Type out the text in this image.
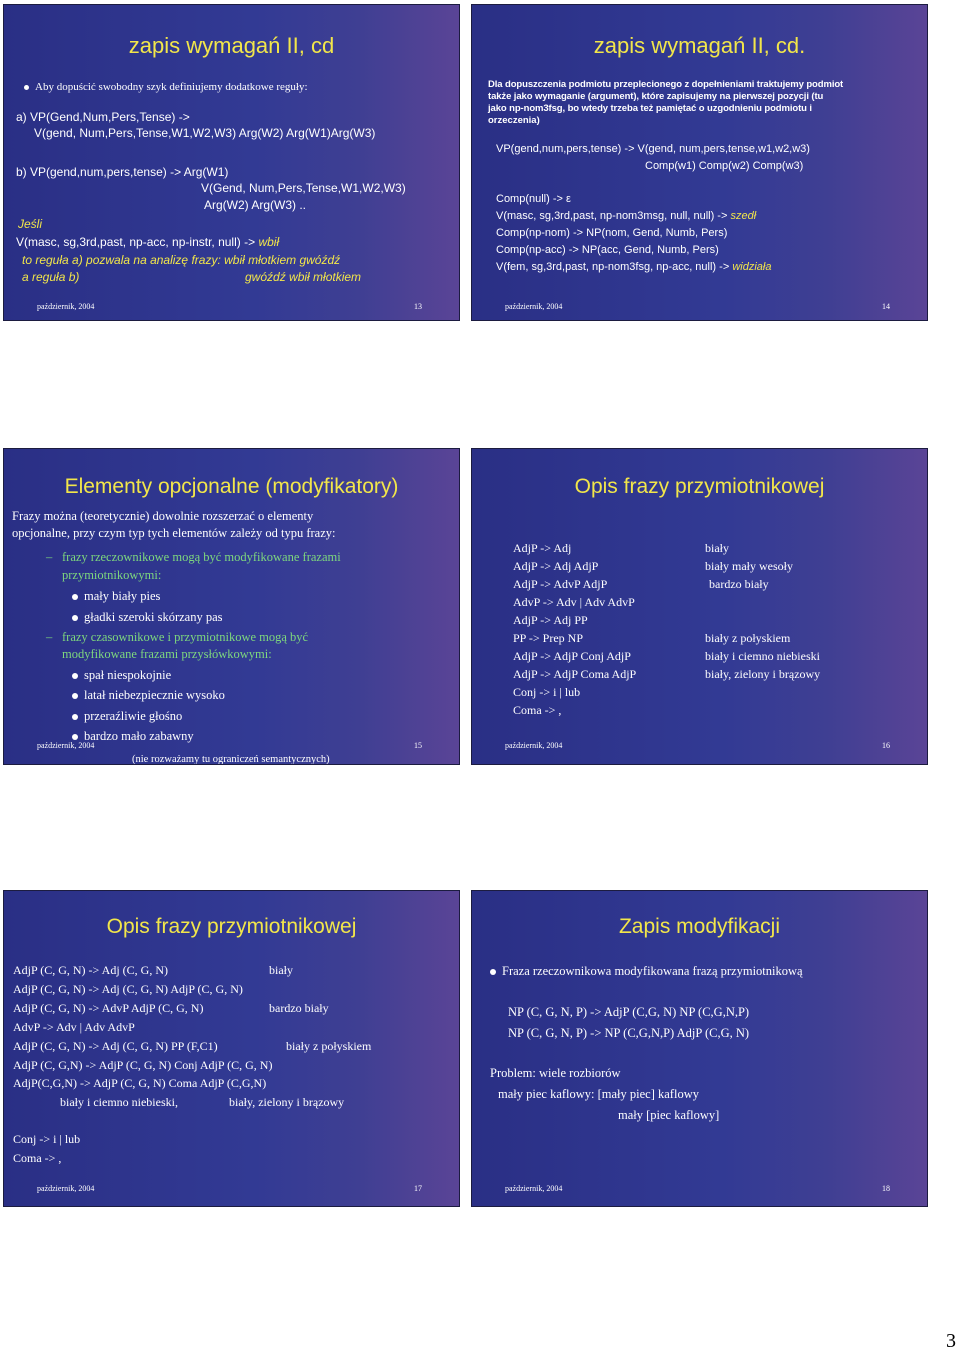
zapis wymagań II, cd
Aby dopuścić swobodny szyk definiujemy dodatkowe reguły:
a) VP(Gend,Num,Pers,Tense) ->
V(gend, Num,Pers,Tense,W1,W2,W3) Arg(W2) Arg(W1)Arg(W3)
b) VP(gend,num,pers,tense) -> Arg(W1)
V(Gend, Num,Pers,Tense,W1,W2,W3)
Arg(W2) Arg(W3) ..
Jeśli
V(masc, sg,3rd,past, np-acc, np-instr, null) -> wbił
to reguła a) pozwala na analizę frazy: wbił młotkiem gwóźdź
a reguła b)	gwóźdź wbił młotkiem
październik, 2004	13
zapis wymagań II, cd.
Dla dopuszczenia podmiotu przeplecionego z dopełnieniami traktujemy podmiot
także jako wymaganie (argument), które zapisujemy na pierwszej pozycji (tu
jako np-nom3fsg, bo wtedy trzeba też pamiętać o uzgodnieniu podmiotu i
orzeczenia)
VP(gend,num,pers,tense) -> V(gend, num,pers,tense,w1,w2,w3)
Comp(w1) Comp(w2) Comp(w3)
Comp(null) -> ε
V(masc, sg,3rd,past, np-nom3msg, null, null) -> szedł
Comp(np-nom) -> NP(nom, Gend, Numb, Pers)
Comp(np-acc) -> NP(acc, Gend, Numb, Pers)
V(fem, sg,3rd,past, np-nom3fsg, np-acc, null) -> widziała
październik, 2004	14
Elementy opcjonalne (modyfikatory)
Frazy można (teoretycznie) dowolnie rozszerzać o elementy
opcjonalne, przy czym typ tych elementów zależy od typu frazy:
– frazy rzeczownikowe mogą być modyfikowane frazami
przymiotnikowymi:
mały biały pies
gładki szeroki skórzany pas
– frazy czasownikowe i przymiotnikowe mogą być
modyfikowane frazami przysłówkowymi:
spał niespokojnie
latał niebezpiecznie wysoko
przeraźliwie głośno
bardzo mało zabawny
(nie rozważamy tu ograniczeń semantycznych)
październik, 2004	15
Opis frazy przymiotnikowej
AdjP -> Adj	biały
AdjP -> Adj AdjP	biały mały wesoły
AdjP -> AdvP AdjP	bardzo biały
AdvP -> Adv | Adv AdvP
AdjP -> Adj PP
PP -> Prep NP	biały z połyskiem
AdjP -> AdjP Conj AdjP	biały i ciemno niebieski
AdjP -> AdjP Coma AdjP	biały, zielony i brązowy
Conj -> i | lub
Coma -> ,
październik, 2004	16
Opis frazy przymiotnikowej
AdjP (C, G, N) -> Adj (C, G, N)	biały
AdjP (C, G, N) -> Adj (C, G, N) AdjP (C, G, N)
AdjP (C, G, N) -> AdvP AdjP (C, G, N)	bardzo biały
AdvP -> Adv | Adv AdvP
AdjP (C, G, N) -> Adj (C, G, N) PP (F,C1)	biały z połyskiem
AdjP (C, G,N) -> AdjP (C, G, N) Conj AdjP (C, G, N)
AdjP(C,G,N) -> AdjP (C, G, N) Coma AdjP (C,G,N)
biały i ciemno niebieski,	biały, zielony i brązowy
Conj -> i | lub
Coma -> ,
październik, 2004	17
Zapis modyfikacji
Fraza rzeczownikowa modyfikowana frazą przymiotnikową
NP (C, G, N, P) -> AdjP (C,G, N) NP (C,G,N,P)
NP (C, G, N, P) -> NP (C,G,N,P) AdjP (C,G, N)
Problem: wiele rozbiorów
mały piec kaflowy: [mały piec] kaflowy
mały [piec kaflowy]
październik, 2004	18
3
